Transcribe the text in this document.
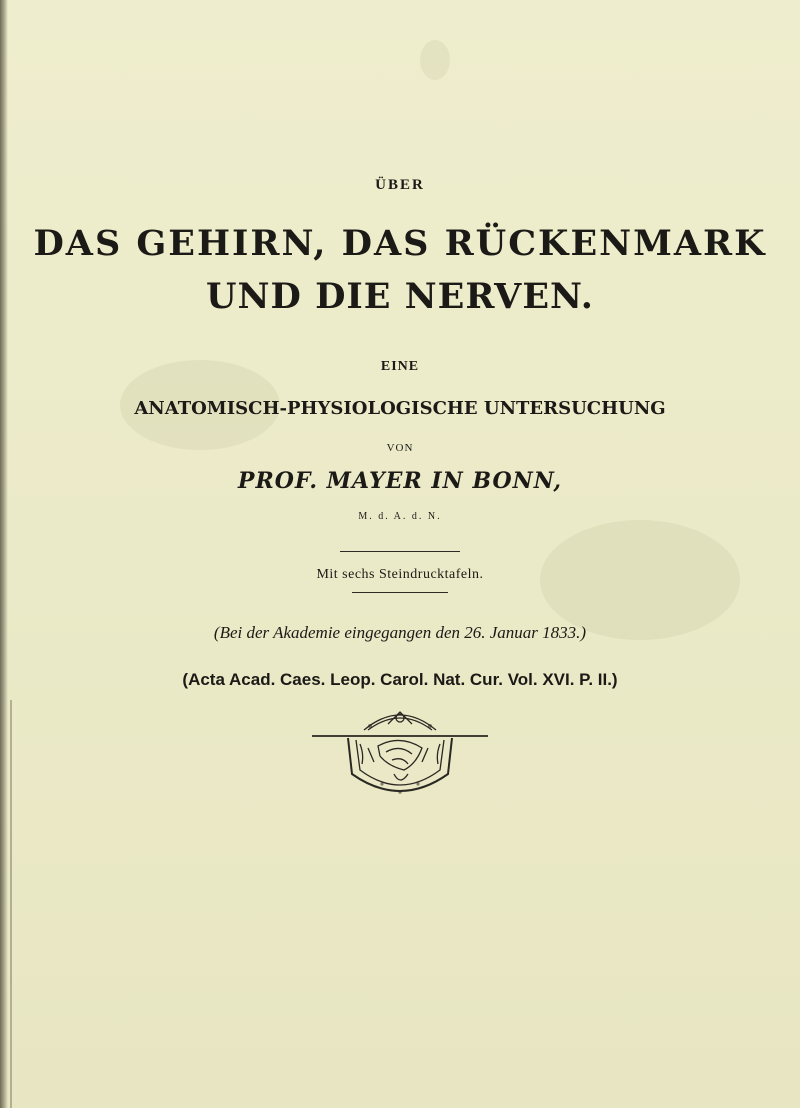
ÜBER
DAS GEHIRN, DAS RÜCKENMARK
UND DIE NERVEN.
EINE
ANATOMISCH-PHYSIOLOGISCHE UNTERSUCHUNG
VON
PROF. MAYER IN BONN,
M. d. A. d. N.
Mit sechs Steindrucktafeln.
(Bei der Akademie eingegangen den 26. Januar 1833.)
(Acta Acad. Caes. Leop. Carol. Nat. Cur. Vol. XVI. P. II.)
